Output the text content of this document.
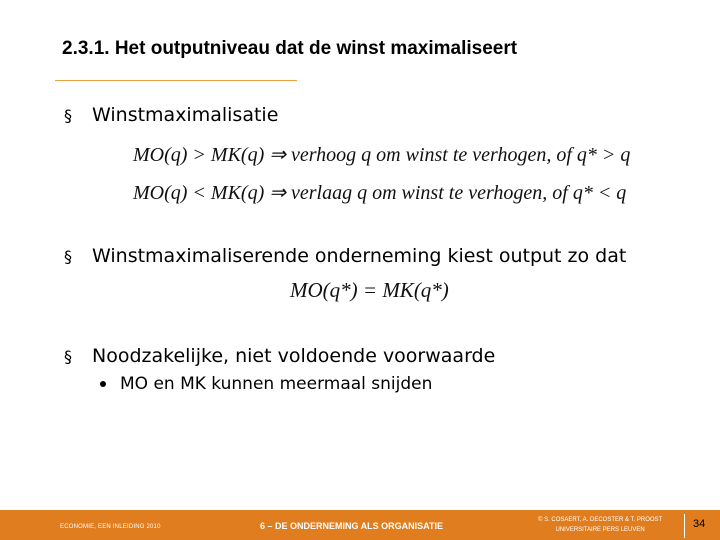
2.3.1. Het outputniveau dat de winst maximaliseert
§	Winstmaximalisatie
MO(q) > MK(q) ⇒ verhoog q om winst te verhogen, of q* > q
MO(q) < MK(q) ⇒ verlaag q om winst te verhogen, of q* < q
§	Winstmaximaliserende onderneming kiest output zo dat
MO(q*) = MK(q*)
§	Noodzakelijke, niet voldoende voorwaarde
MO en MK kunnen meermaal snijden
ECONOMIE, EEN INLEIDING 2010	6 – DE ONDERNEMING ALS ORGANISATIE
© S. COSAERT, A. DECOSTER & T. PROOST
UNIVERSITAIRE PERS LEUVEN	34
